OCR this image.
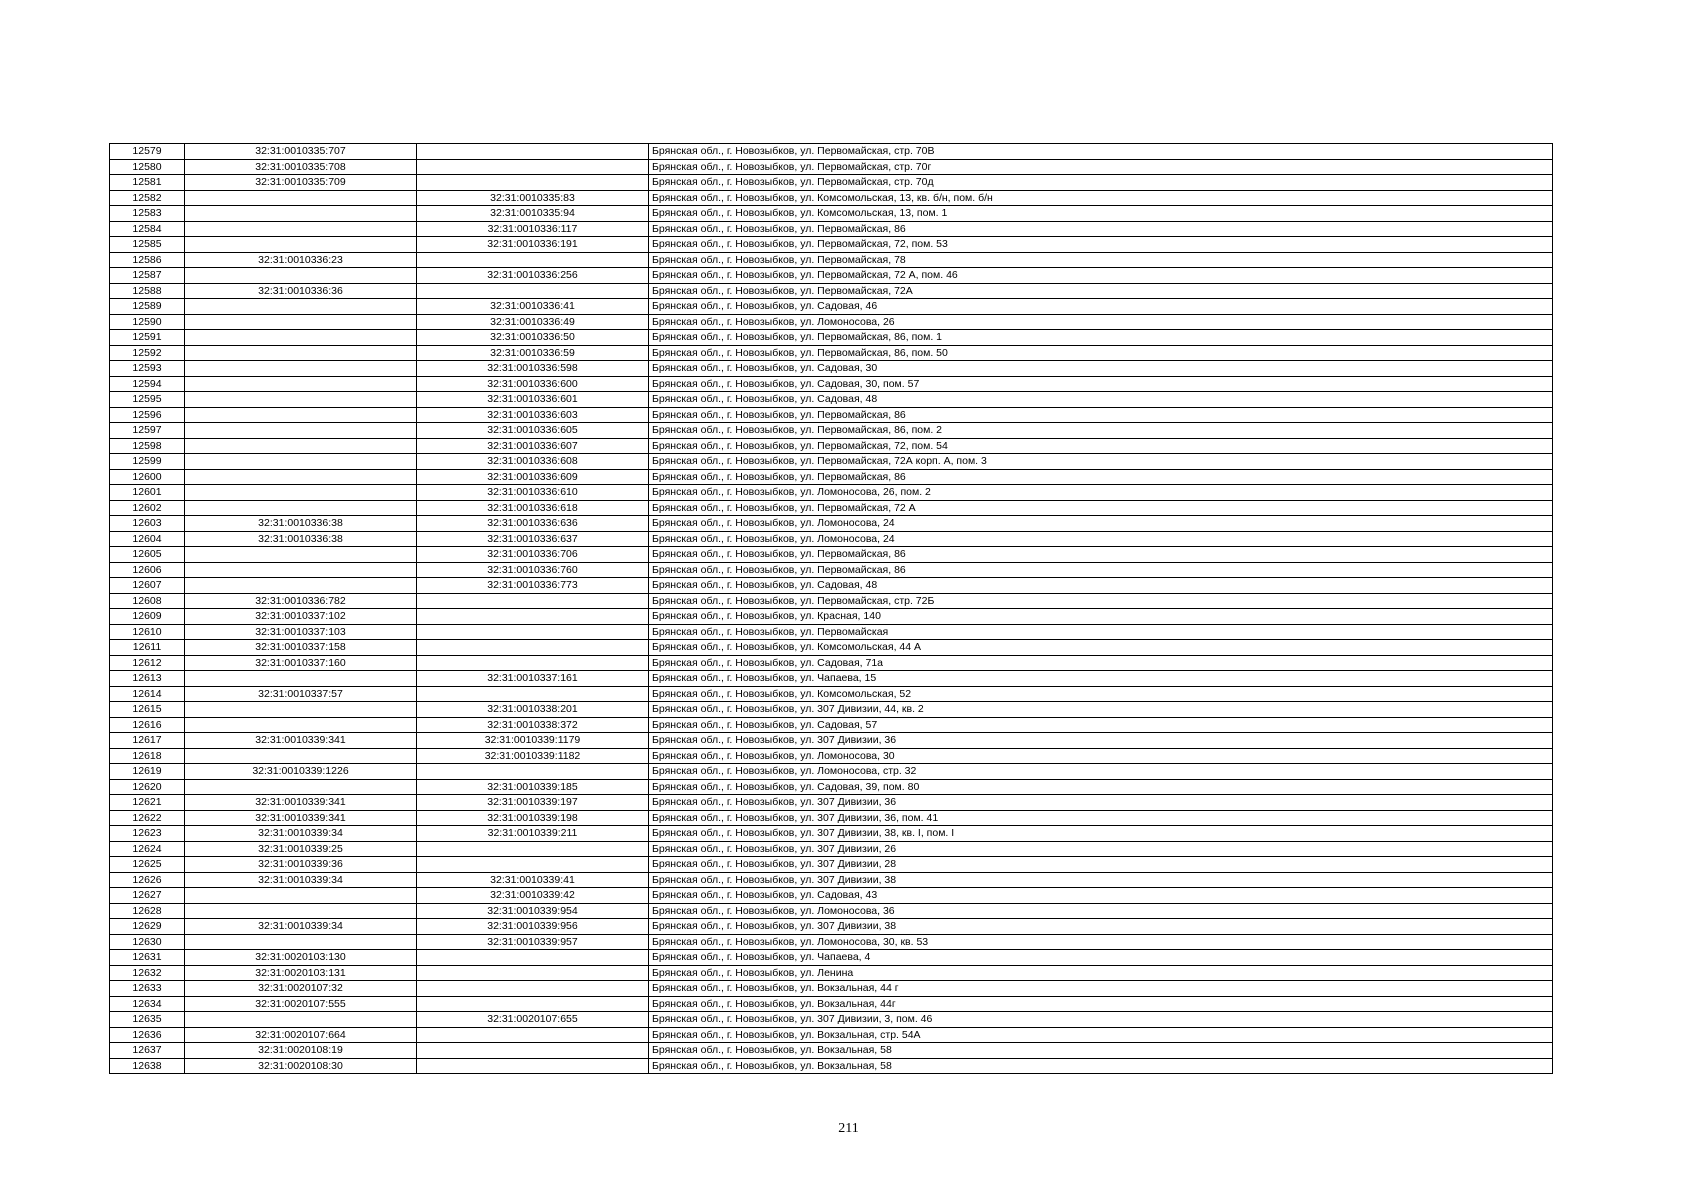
12579	32:31:0010335:707		Брянская обл., г. Новозыбков, ул. Первомайская, стр. 70В
12580	32:31:0010335:708		Брянская обл., г. Новозыбков, ул. Первомайская, стр. 70г
12581	32:31:0010335:709		Брянская обл., г. Новозыбков, ул. Первомайская, стр. 70д
12582		32:31:0010335:83	Брянская обл., г. Новозыбков, ул. Комсомольская, 13, кв. б/н, пом. б/н
12583		32:31:0010335:94	Брянская обл., г. Новозыбков, ул. Комсомольская, 13, пом. 1
12584		32:31:0010336:117	Брянская обл., г. Новозыбков, ул. Первомайская, 86
12585		32:31:0010336:191	Брянская обл., г. Новозыбков, ул. Первомайская, 72, пом. 53
12586	32:31:0010336:23		Брянская обл., г. Новозыбков, ул. Первомайская, 78
12587		32:31:0010336:256	Брянская обл., г. Новозыбков, ул. Первомайская, 72 А, пом. 46
12588	32:31:0010336:36		Брянская обл., г. Новозыбков, ул. Первомайская, 72А
12589		32:31:0010336:41	Брянская обл., г. Новозыбков, ул. Садовая, 46
12590		32:31:0010336:49	Брянская обл., г. Новозыбков, ул. Ломоносова, 26
12591		32:31:0010336:50	Брянская обл., г. Новозыбков, ул. Первомайская, 86, пом. 1
12592		32:31:0010336:59	Брянская обл., г. Новозыбков, ул. Первомайская, 86, пом. 50
12593		32:31:0010336:598	Брянская обл., г. Новозыбков, ул. Садовая, 30
12594		32:31:0010336:600	Брянская обл., г. Новозыбков, ул. Садовая, 30, пом. 57
12595		32:31:0010336:601	Брянская обл., г. Новозыбков, ул. Садовая, 48
12596		32:31:0010336:603	Брянская обл., г. Новозыбков, ул. Первомайская, 86
12597		32:31:0010336:605	Брянская обл., г. Новозыбков, ул. Первомайская, 86, пом. 2
12598		32:31:0010336:607	Брянская обл., г. Новозыбков, ул. Первомайская, 72, пом. 54
12599		32:31:0010336:608	Брянская обл., г. Новозыбков, ул. Первомайская, 72А корп. А, пом. 3
12600		32:31:0010336:609	Брянская обл., г. Новозыбков, ул. Первомайская, 86
12601		32:31:0010336:610	Брянская обл., г. Новозыбков, ул. Ломоносова, 26, пом. 2
12602		32:31:0010336:618	Брянская обл., г. Новозыбков, ул. Первомайская, 72 А
12603	32:31:0010336:38	32:31:0010336:636	Брянская обл., г. Новозыбков, ул. Ломоносова, 24
12604	32:31:0010336:38	32:31:0010336:637	Брянская обл., г. Новозыбков, ул. Ломоносова, 24
12605		32:31:0010336:706	Брянская обл., г. Новозыбков, ул. Первомайская, 86
12606		32:31:0010336:760	Брянская обл., г. Новозыбков, ул. Первомайская, 86
12607		32:31:0010336:773	Брянская обл., г. Новозыбков, ул. Садовая, 48
12608	32:31:0010336:782		Брянская обл., г. Новозыбков, ул. Первомайская, стр. 72Б
12609	32:31:0010337:102		Брянская обл., г. Новозыбков, ул. Красная, 140
12610	32:31:0010337:103		Брянская обл., г. Новозыбков, ул. Первомайская
12611	32:31:0010337:158		Брянская обл., г. Новозыбков, ул. Комсомольская, 44 А
12612	32:31:0010337:160		Брянская обл., г. Новозыбков, ул. Садовая, 71а
12613		32:31:0010337:161	Брянская обл., г. Новозыбков, ул. Чапаева, 15
12614	32:31:0010337:57		Брянская обл., г. Новозыбков, ул. Комсомольская, 52
12615		32:31:0010338:201	Брянская обл., г. Новозыбков, ул. 307 Дивизии, 44, кв. 2
12616		32:31:0010338:372	Брянская обл., г. Новозыбков, ул. Садовая, 57
12617	32:31:0010339:341	32:31:0010339:1179	Брянская обл., г. Новозыбков, ул. 307 Дивизии, 36
12618		32:31:0010339:1182	Брянская обл., г. Новозыбков, ул. Ломоносова, 30
12619	32:31:0010339:1226		Брянская обл., г. Новозыбков, ул. Ломоносова, стр. 32
12620		32:31:0010339:185	Брянская обл., г. Новозыбков, ул. Садовая, 39, пом. 80
12621	32:31:0010339:341	32:31:0010339:197	Брянская обл., г. Новозыбков, ул. 307 Дивизии, 36
12622	32:31:0010339:341	32:31:0010339:198	Брянская обл., г. Новозыбков, ул. 307 Дивизии, 36, пом. 41
12623	32:31:0010339:34	32:31:0010339:211	Брянская обл., г. Новозыбков, ул. 307 Дивизии, 38, кв. I, пом. I
12624	32:31:0010339:25		Брянская обл., г. Новозыбков, ул. 307 Дивизии, 26
12625	32:31:0010339:36		Брянская обл., г. Новозыбков, ул. 307 Дивизии, 28
12626	32:31:0010339:34	32:31:0010339:41	Брянская обл., г. Новозыбков, ул. 307 Дивизии, 38
12627		32:31:0010339:42	Брянская обл., г. Новозыбков, ул. Садовая, 43
12628		32:31:0010339:954	Брянская обл., г. Новозыбков, ул. Ломоносова, 36
12629	32:31:0010339:34	32:31:0010339:956	Брянская обл., г. Новозыбков, ул. 307 Дивизии, 38
12630		32:31:0010339:957	Брянская обл., г. Новозыбков, ул. Ломоносова, 30, кв. 53
12631	32:31:0020103:130		Брянская обл., г. Новозыбков, ул. Чапаева, 4
12632	32:31:0020103:131		Брянская обл., г. Новозыбков, ул. Ленина
12633	32:31:0020107:32		Брянская обл., г. Новозыбков, ул. Вокзальная, 44 г
12634	32:31:0020107:555		Брянская обл., г. Новозыбков, ул. Вокзальная, 44г
12635		32:31:0020107:655	Брянская обл., г. Новозыбков, ул. 307 Дивизии, 3, пом. 46
12636	32:31:0020107:664		Брянская обл., г. Новозыбков, ул. Вокзальная, стр. 54А
12637	32:31:0020108:19		Брянская обл., г. Новозыбков, ул. Вокзальная, 58
12638	32:31:0020108:30		Брянская обл., г. Новозыбков, ул. Вокзальная, 58
211
